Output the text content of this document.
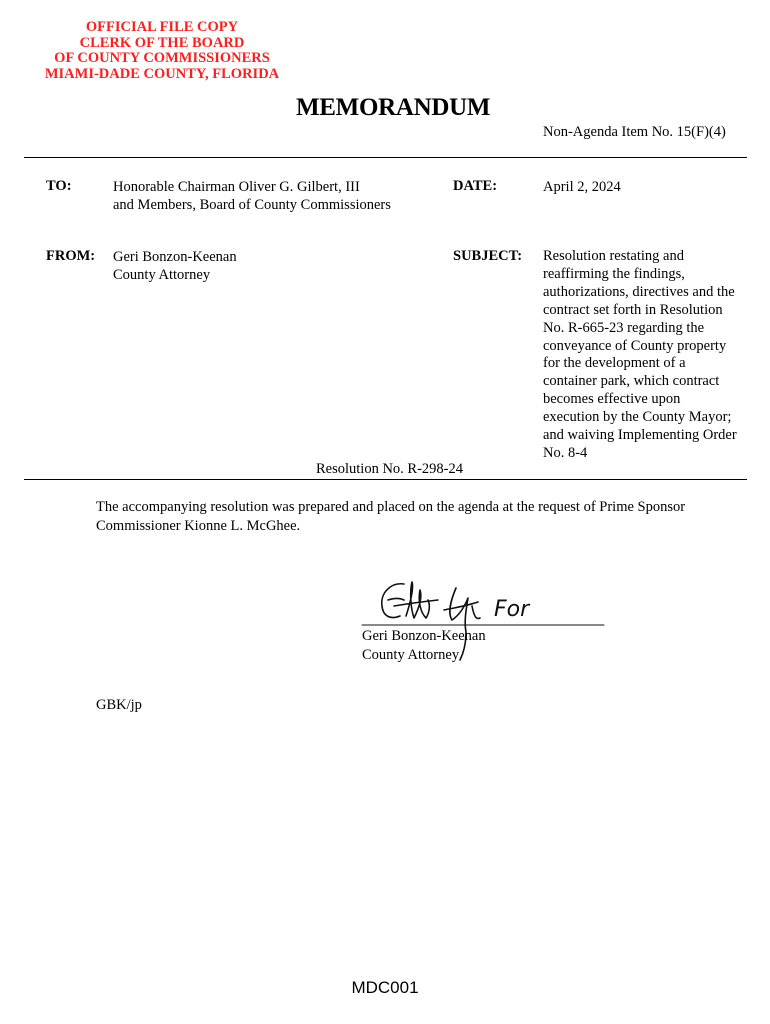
OFFICIAL FILE COPY
CLERK OF THE BOARD
OF COUNTY COMMISSIONERS
MIAMI-DADE COUNTY, FLORIDA
MEMORANDUM
Non-Agenda Item No. 15(F)(4)
TO:	Honorable Chairman Oliver G. Gilbert, III
and Members, Board of County Commissioners
DATE:	April 2, 2024
FROM: Geri Bonzon-Keenan
County Attorney
SUBJECT: Resolution restating and
reaffirming the findings,
authorizations, directives and the
contract set forth in Resolution
No. R-665-23 regarding the
conveyance of County property
for the development of a
container park, which contract
becomes effective upon
execution by the County Mayor;
and waiving Implementing Order
No. 8-4
Resolution No. R-298-24
The accompanying resolution was prepared and placed on the agenda at the request of Prime Sponsor
Commissioner Kionne L. McGhee.
For
Geri Bonzon-Keenan
County Attorney
GBK/jp
MDC001
